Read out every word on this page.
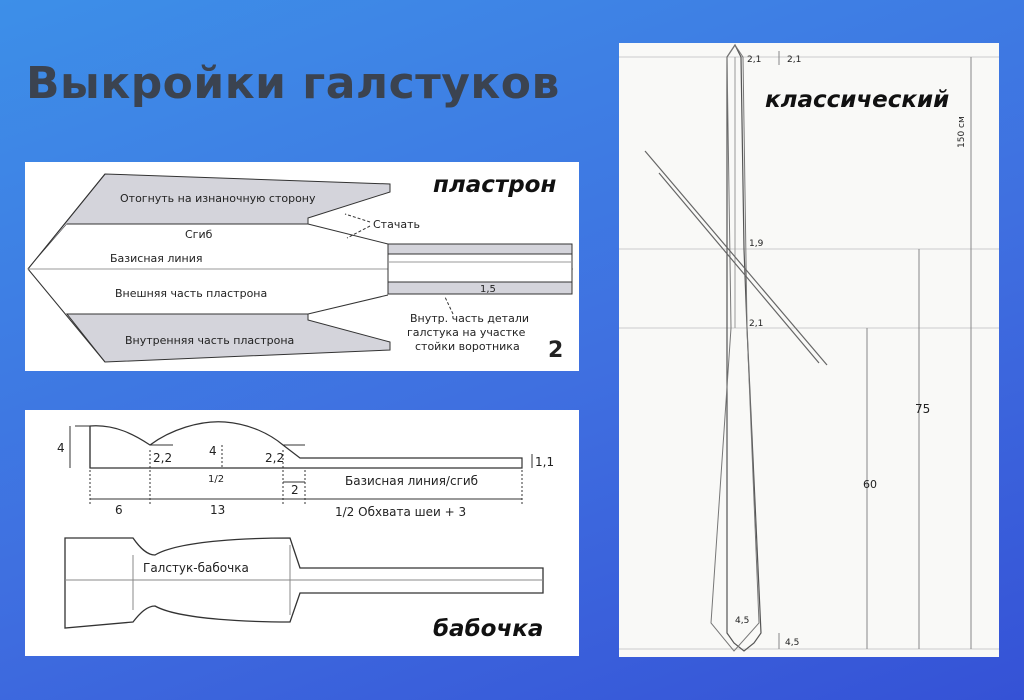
Выкройки галстуков
Отогнуть на изнаночную сторону
Сгиб
Стачать
Базисная линия
Внешняя часть пластрона
Внутренняя часть пластрона
1,5
Внутр. часть детали
галстука на участке
стойки воротника 2
пластрон
4
2,2	4
1/2
2,2	1,1
Базисная линия/сгиб
6	13
2
1/2 Обхвата шеи + 3
Галстук-бабочка
бабочка
2,1	2,1
150 см
1,9
2,1
75
60
4,5
4,5
классический
